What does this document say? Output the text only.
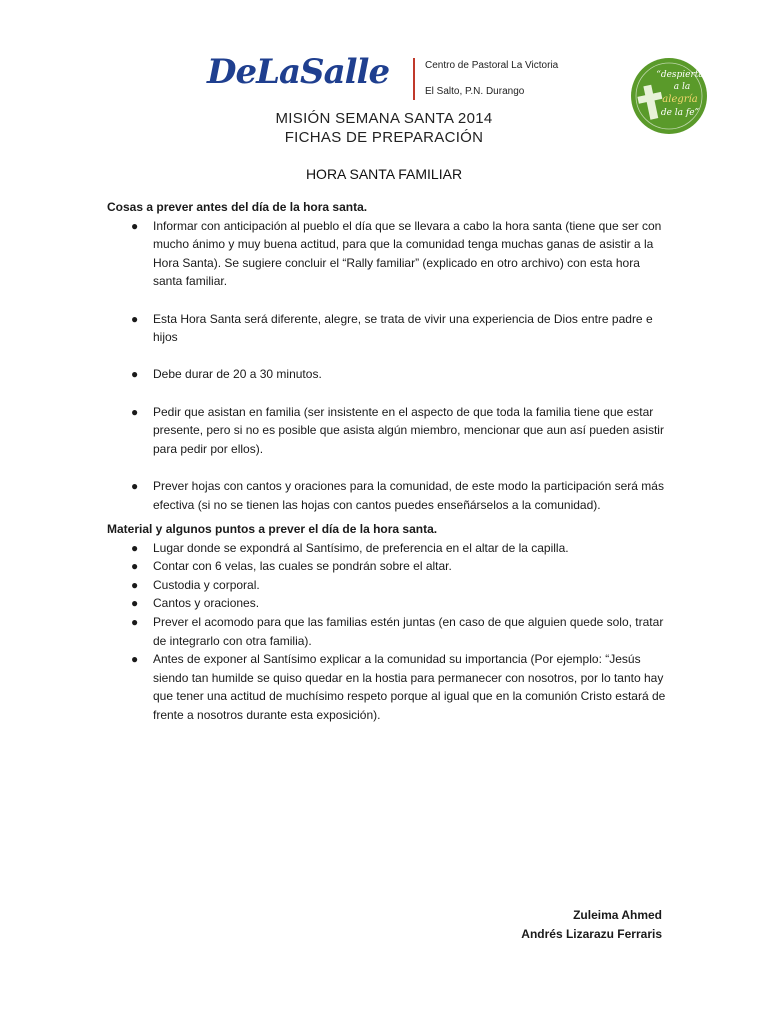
DeLaSalle	Centro de Pastoral La Victoria
El Salto, P.N. Durango
“despierta
a la
alegría
de la fe”
MISIÓN SEMANA SANTA 2014
FICHAS DE PREPARACIÓN
HORA SANTA FAMILIAR

Cosas a prever antes del día de la hora santa.

● Informar con anticipación al pueblo el día que se llevara a cabo la hora santa (tiene que ser con mucho ánimo y muy buena actitud, para que la comunidad tenga muchas ganas de asistir a la Hora Santa). Se sugiere concluir el “Rally familiar” (explicado en otro archivo) con esta hora santa familiar.
● Esta Hora Santa será diferente, alegre, se trata de vivir una experiencia de Dios entre padre e hijos
● Debe durar de 20 a 30 minutos.
● Pedir que asistan en familia (ser insistente en el aspecto de que toda la familia tiene que estar presente, pero si no es posible que asista algún miembro, mencionar que aun así pueden asistir para pedir por ellos).
● Prever hojas con cantos y oraciones para la comunidad, de este modo la participación será más efectiva (si no se tienen las hojas con cantos puedes enseñárselos a la comunidad).

Material y algunos puntos a prever el día de la hora santa.

● Lugar donde se expondrá al Santísimo, de preferencia en el altar de la capilla.
● Contar con 6 velas, las cuales se pondrán sobre el altar.
● Custodia y corporal.
● Cantos y oraciones.
● Prever el acomodo para que las familias estén juntas (en caso de que alguien quede solo, tratar de integrarlo con otra familia).
● Antes de exponer al Santísimo explicar a la comunidad su importancia (Por ejemplo: “Jesús siendo tan humilde se quiso quedar en la hostia para permanecer con nosotros, por lo tanto hay que tener una actitud de muchísimo respeto porque al igual que en la comunión Cristo estará de frente a nosotros durante esta exposición).
Zuleima Ahmed
Andrés Lizarazu Ferraris
